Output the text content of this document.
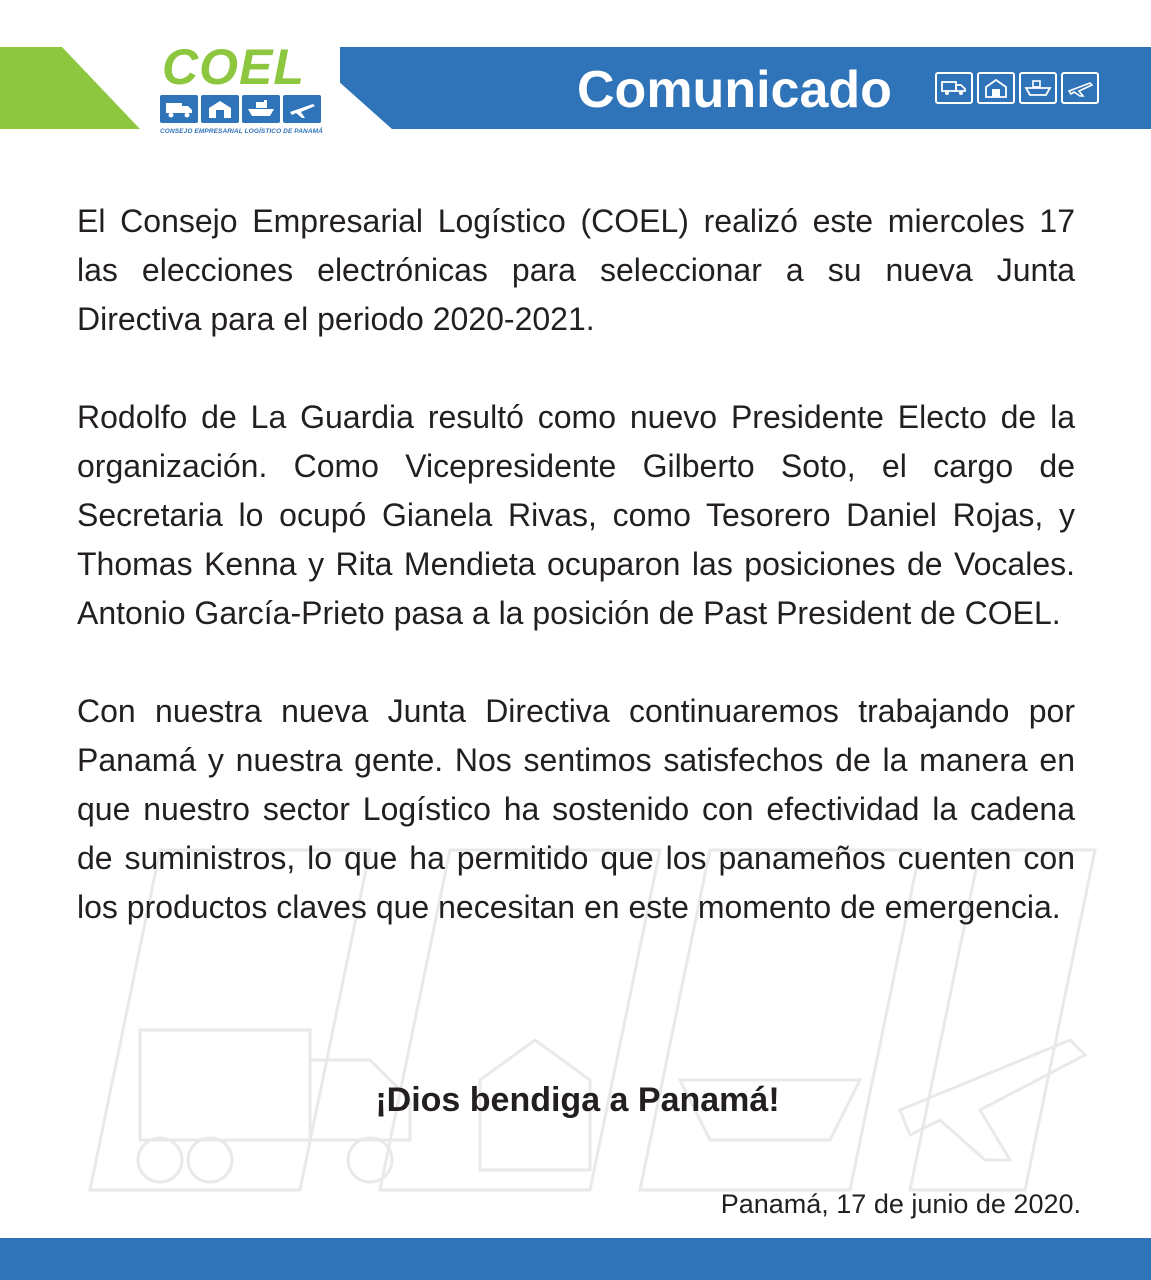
COEL
CONSEJO EMPRESARIAL LOGÍSTICO DE PANAMÁ
Comunicado

El Consejo Empresarial Logístico (COEL) realizó este miercoles 17 las elecciones electrónicas para seleccionar a su nueva Junta Directiva para el periodo 2020-2021.

Rodolfo de La Guardia resultó como nuevo Presidente Electo de la organización. Como Vicepresidente Gilberto Soto, el cargo de Secretaria lo ocupó Gianela Rivas, como Tesorero Daniel Rojas, y Thomas Kenna y Rita Mendieta ocuparon las posiciones de Vocales. Antonio García-Prieto pasa a la posición de Past President de COEL.

Con nuestra nueva Junta Directiva continuaremos trabajando por Panamá y nuestra gente. Nos sentimos satisfechos de la manera en que nuestro sector Logístico ha sostenido con efectividad la cadena de suministros, lo que ha permitido que los panameños cuenten con los productos claves que necesitan en este momento de emergencia.

¡Dios bendiga a Panamá!

Panamá, 17 de junio de 2020.
